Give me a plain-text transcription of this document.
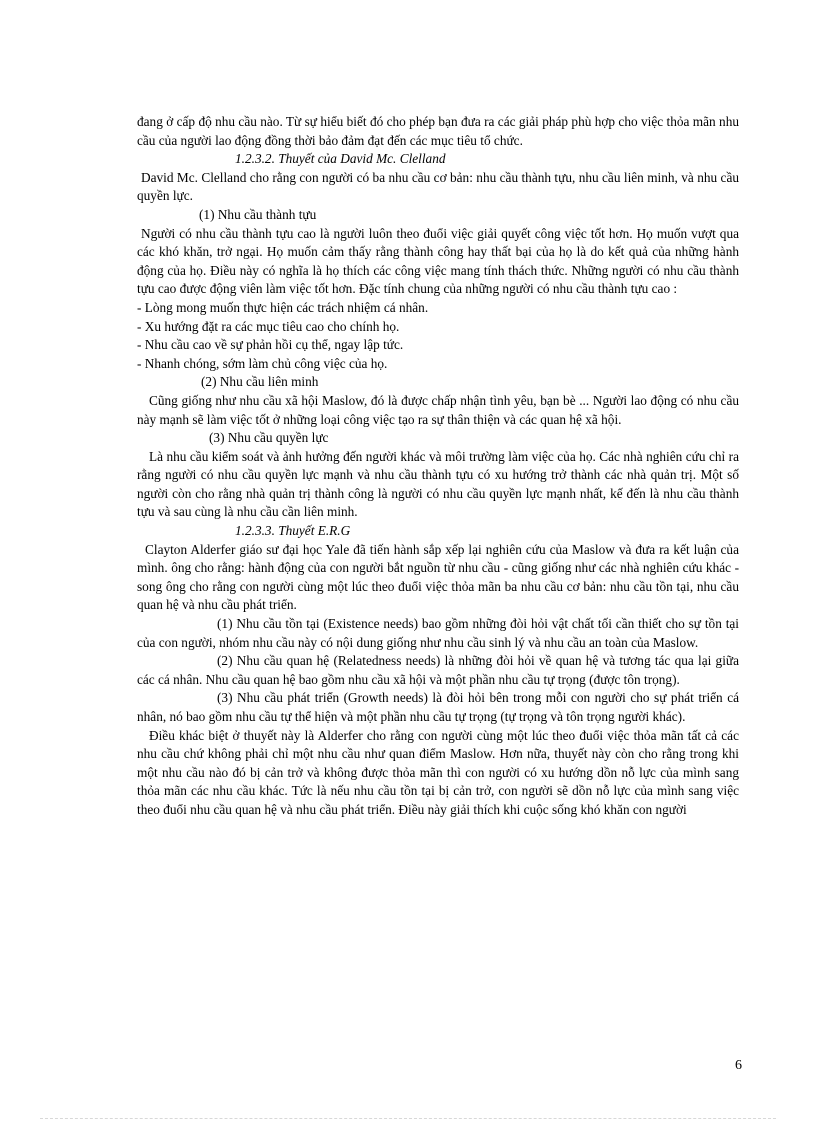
đang ở cấp độ nhu cầu nào. Từ sự hiểu biết đó cho phép bạn đưa ra các giải pháp phù hợp cho việc thỏa mãn nhu cầu của người lao động đồng thời bảo đảm đạt đến các mục tiêu tổ chức.

1.2.3.2. Thuyết của David Mc. Clelland

David Mc. Clelland cho rằng con người có ba nhu cầu cơ bản: nhu cầu thành tựu, nhu cầu liên minh, và nhu cầu quyền lực.

(1) Nhu cầu thành tựu

Người có nhu cầu thành tựu cao là người luôn theo đuổi việc giải quyết công việc tốt hơn. Họ muốn vượt qua các khó khăn, trở ngại. Họ muốn cảm thấy rằng thành công hay thất bại của họ là do kết quả của những hành động của họ. Điều này có nghĩa là họ thích các công việc mang tính thách thức. Những người có nhu cầu thành tựu cao được động viên làm việc tốt hơn. Đặc tính chung của những người có nhu cầu thành tựu cao :

- Lòng mong muốn thực hiện các trách nhiệm cá nhân.

- Xu hướng đặt ra các mục tiêu cao cho chính họ.

- Nhu cầu cao về sự phản hồi cụ thể, ngay lập tức.

- Nhanh chóng, sớm làm chủ công việc của họ.

(2) Nhu cầu liên minh

Cũng giống như nhu cầu xã hội Maslow, đó là được chấp nhận tình yêu, bạn bè ... Người lao động có nhu cầu này mạnh sẽ làm việc tốt ở những loại công việc tạo ra sự thân thiện và các quan hệ xã hội.

(3) Nhu cầu quyền lực

Là nhu cầu kiểm soát và ảnh hưởng đến người khác và môi trường làm việc của họ. Các nhà nghiên cứu chỉ ra rằng người có nhu cầu quyền lực mạnh và nhu cầu thành tựu có xu hướng trở thành các nhà quản trị. Một số người còn cho rằng nhà quản trị thành công là người có nhu cầu quyền lực mạnh nhất, kế đến là nhu cầu thành tựu và sau cùng là nhu cầu cần liên minh.

1.2.3.3. Thuyết E.R.G

Clayton Alderfer giáo sư đại học Yale đã tiến hành sắp xếp lại nghiên cứu của Maslow và đưa ra kết luận của mình. ông cho rằng: hành động của con người bắt nguồn từ nhu cầu - cũng giống như các nhà nghiên cứu khác - song ông cho rằng con người cùng một lúc theo đuổi việc thỏa mãn ba nhu cầu cơ bản: nhu cầu tồn tại, nhu cầu quan hệ và nhu cầu phát triển.

(1) Nhu cầu tồn tại (Existence needs) bao gồm những đòi hỏi vật chất tối cần thiết cho sự tồn tại của con người, nhóm nhu cầu này có nội dung giống như nhu cầu sinh lý và nhu cầu an toàn của Maslow.

(2) Nhu cầu quan hệ (Relatedness needs) là những đòi hỏi về quan hệ và tương tác qua lại giữa các cá nhân. Nhu cầu quan hệ bao gồm nhu cầu xã hội và một phần nhu cầu tự trọng (được tôn trọng).

(3) Nhu cầu phát triển (Growth needs) là đòi hỏi bên trong mỗi con người cho sự phát triển cá nhân, nó bao gồm nhu cầu tự thể hiện và một phần nhu cầu tự trọng (tự trọng và tôn trọng người khác).

Điều khác biệt ở thuyết này là Alderfer cho rằng con người cùng một lúc theo đuổi việc thỏa mãn tất cả các nhu cầu chứ không phải chỉ một nhu cầu như quan điểm Maslow. Hơn nữa, thuyết này còn cho rằng trong khi một nhu cầu nào đó bị cản trở và không được thỏa mãn thì con người có xu hướng dồn nỗ lực của mình sang thỏa mãn các nhu cầu khác. Tức là nếu nhu cầu tồn tại bị cản trở, con người sẽ dồn nỗ lực của mình sang việc theo đuổi nhu cầu quan hệ và nhu cầu phát triển. Điều này giải thích khi cuộc sống khó khăn con người

6
